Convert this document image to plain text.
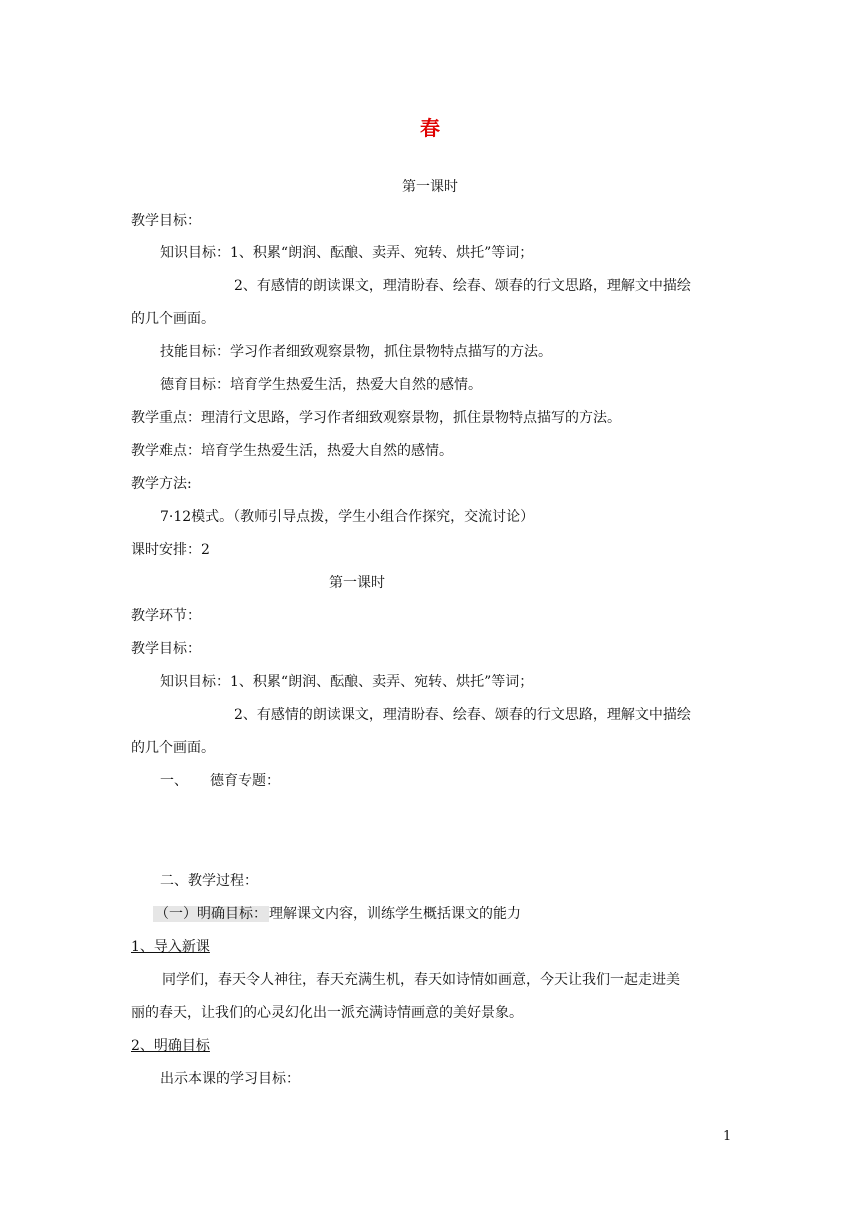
春
第一课时
教学目标：
知识目标：1、积累“朗润、酝酿、卖弄、宛转、烘托”等词；
2、有感情的朗读课文，理清盼春、绘春、颂春的行文思路，理解文中描绘
的几个画面。
技能目标：学习作者细致观察景物，抓住景物特点描写的方法。
德育目标：培育学生热爱生活，热爱大自然的感情。
教学重点：理清行文思路，学习作者细致观察景物，抓住景物特点描写的方法。
教学难点：培育学生热爱生活，热爱大自然的感情。
教学方法:
7·12模式。（教师引导点拨，学生小组合作探究，交流讨论）
课时安排：2
第一课时
教学环节：
教学目标：
知识目标：1、积累“朗润、酝酿、卖弄、宛转、烘托”等词；
2、有感情的朗读课文，理清盼春、绘春、颂春的行文思路，理解文中描绘
的几个画面。
一、 德育专题：
二、教学过程：
（一）明确目标： 理解课文内容，训练学生概括课文的能力
1、导入新课
同学们，春天令人神往，春天充满生机，春天如诗情如画意，今天让我们一起走进美
丽的春天，让我们的心灵幻化出一派充满诗情画意的美好景象。
2、明确目标
出示本课的学习目标：
1
